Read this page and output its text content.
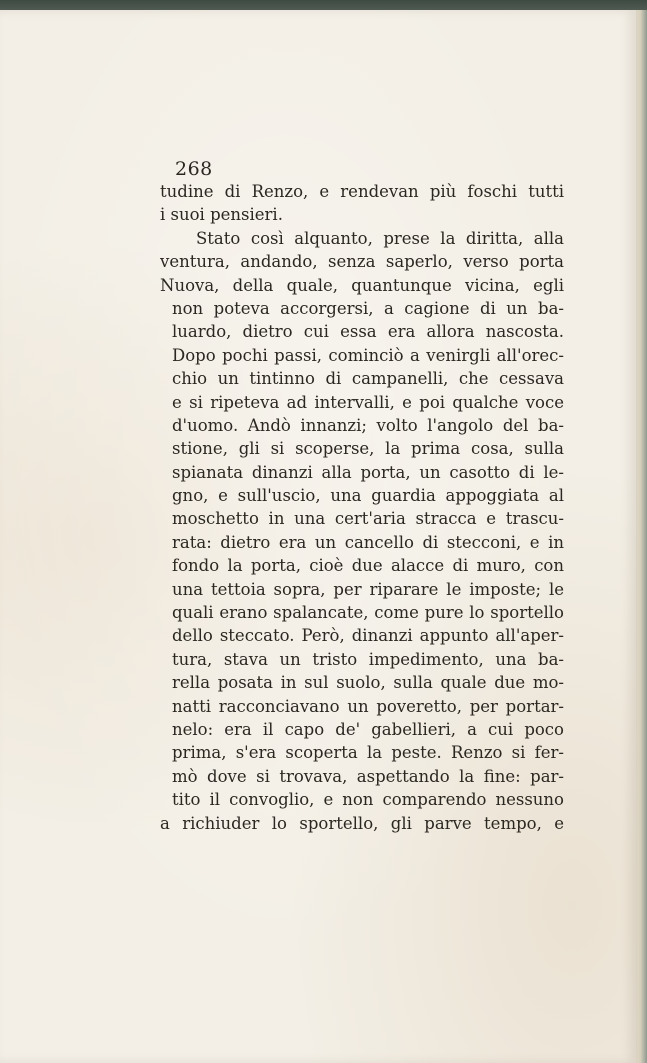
268
tudine di Renzo, e rendevan più foschi tutti
i suoi pensieri.
Stato così alquanto, prese la diritta, alla
ventura, andando, senza saperlo, verso porta
Nuova, della quale, quantunque vicina, egli
non poteva accorgersi, a cagione di un ba-
luardo, dietro cui essa era allora nascosta.
Dopo pochi passi, cominciò a venirgli all'orec-
chio un tintinno di campanelli, che cessava
e si ripeteva ad intervalli, e poi qualche voce
d'uomo. Andò innanzi; volto l'angolo del ba-
stione, gli si scoperse, la prima cosa, sulla
spianata dinanzi alla porta, un casotto di le-
gno, e sull'uscio, una guardia appoggiata al
moschetto in una cert'aria stracca e trascu-
rata: dietro era un cancello di stecconi, e in
fondo la porta, cioè due alacce di muro, con
una tettoia sopra, per riparare le imposte; le
quali erano spalancate, come pure lo sportello
dello steccato. Però, dinanzi appunto all'aper-
tura, stava un tristo impedimento, una ba-
rella posata in sul suolo, sulla quale due mo-
natti racconciavano un poveretto, per portar-
nelo: era il capo de' gabellieri, a cui poco
prima, s'era scoperta la peste. Renzo si fer-
mò dove si trovava, aspettando la fine: par-
tito il convoglio, e non comparendo nessuno
a richiuder lo sportello, gli parve tempo, e
